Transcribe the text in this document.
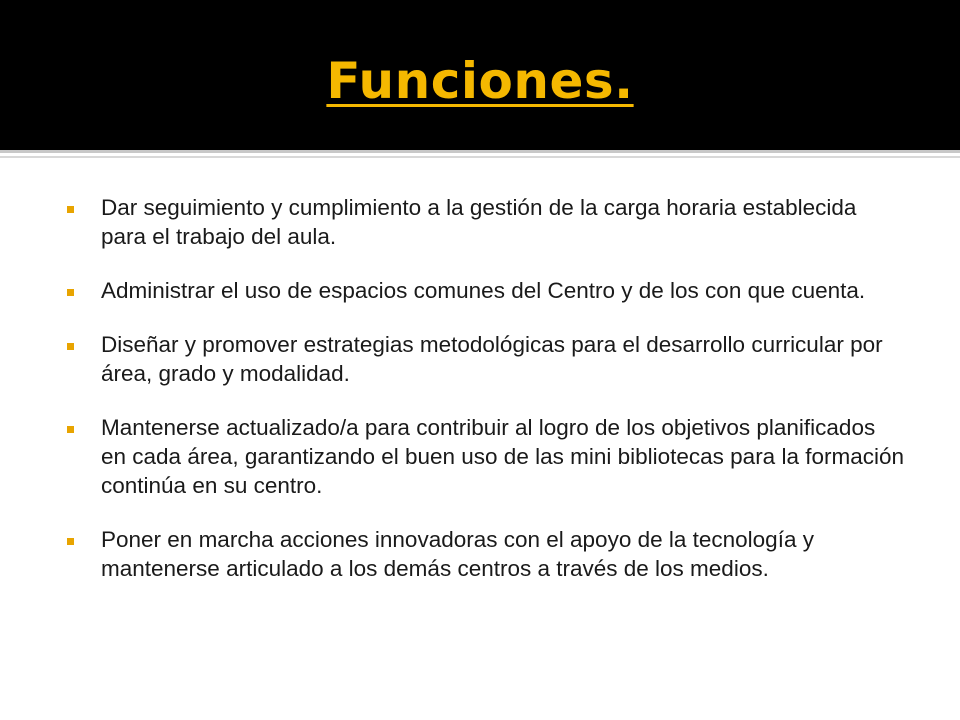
Funciones.
Dar seguimiento y cumplimiento a la gestión de la carga horaria establecida para el trabajo del aula.
Administrar el uso de espacios comunes del Centro y de los con que cuenta.
Diseñar y promover estrategias metodológicas para el desarrollo curricular por área, grado y modalidad.
Mantenerse actualizado/a para contribuir al logro de los objetivos planificados en cada área, garantizando el buen uso de las mini bibliotecas para la formación continúa en su centro.
Poner en marcha acciones innovadoras con el apoyo de la tecnología y mantenerse articulado a los demás centros a través de los medios.
